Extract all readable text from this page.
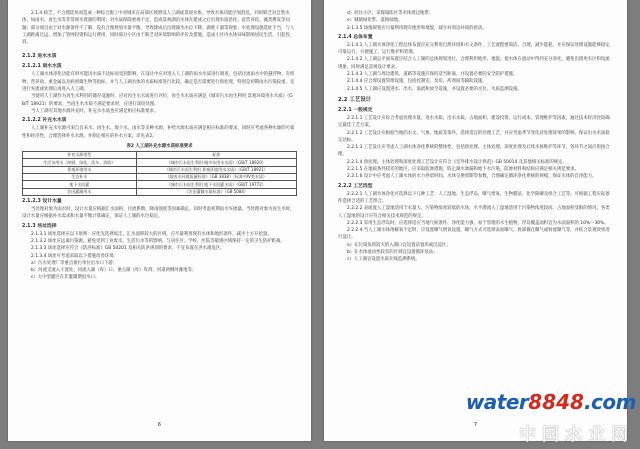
2.1.4 缺乏、不合理选址而造成一种综合施工中对城市在局部区域增设人工湖或景观水体，导致水体功能区划混乱，同时缺乏对自然水体，如雨水、再生水等非常规水资源的利用；对水质保障重视不足，造成景观湖泊水体在建成之后出现水质恶化、富营养化、藻类爆发等问题；部分项目由于对水源条件不了解，没有合理规划水量平衡，导致建成后出现湖水水位下降、湖底干涸等现象；水处理设施选址不当，与人工湖距离过远，增加了管网投资和运行费用，同时部分小区由于缺乏对环境影响的评价及措施，造成小区内水体异味影响居民生活，引起投诉。

2.1.2 进水水质
2.1.2.1 雨水水质

人工湖水体净化功能有时可能因水质不达标而受到影响，在设计中应对进入人工湖的雨水水质进行调查，包括径流雨水中的悬浮物、有机物、营养盐、重金属以及病原微生物等指标，并与人工湖水体的水质标准进行比较，确定是否需要进行预处理，特别是初期雨水污染较重，宜进行弃流或处理后再进入人工湖。

当使用人工湖作为再生水利用的储存设施时，应对再生水水质进行评价，再生水水质应满足《城市污水再生利用 景观环境用水水质》（GB/T 18921）的要求，当再生水水质不满足要求时，应进行深度处理。

当人工湖有其他水源补充时，补充水水质也应满足相应标准要求。

2.1.2.2 补充水水质

人工湖补充水水源可来自自来水、再生水、地下水、雨水等多种水源，补给水源水质应满足相应标准的要求，同时应考虑各种水源的可靠性和经济性，合理选择补水水源，并制定相应的补水方案。详见表2。

表2 人工湖补充水源水质标准要求
补充水源类型	标准
生活杂用水（冲厕、绿化、洗车、消防）	《城市污水再生利用 城市杂用水水质》（GB/T 18920）
景观环境用水	《城市污水再生利用 景观环境用水水质》（GB/T 18921）
生态补水	《地表水环境质量标准》（GB 3838）（标准中IV类水质）
地下水回灌	《城市污水再生利用 地下水回灌水质》（GB/T 19772）
农田灌溉用水	《农田灌溉水质标准》（GB 5084）
2.1.2.3 设计水量

当处理对象为雨水时，设计水量应根据汇水面积、径流系数、降雨强度等因素确定，同时考虑初期雨水弃流量。当处理对象为再生水时，设计水量应根据补水需求和水量平衡计算确定，保证人工湖的水位稳定。

2.1.3 场址选择

2.1.3.1 场址选择应以下原则：应优先选择低洼、汇水面积较大的区域，应尽量利用现有水体和地形条件，减少土方开挖量。

2.1.3.2 场址应远离污染源，避免受到工业废水、生活污水等的影响，与居住区、学校、医院等敏感区域保持一定的卫生防护距离。

2.1.3.3 场址选择应符合《防洪标准》GB 50201 及相关防洪规划的要求，不宜布置在洪水淹没区。

2.1.3.4 场址可考虑采取以下措施改善环境：

a）污水处理厂等重点排污单位出水口下游；

b）河流支流入干流处、河流入湖（库）口、重点湖（库）库湾、河道两侧河滩地等；

c）大中型灌区在非灌溉期退水口；

6

d）居住小区、采煤塌陷区等水体周边地带；

e）城镇绿化带、道路绿地。

2.1.3.5 场地规划应尽量利用现有地形和地貌，减少对周边环境的扰动。

2.1.4 总体布置

2.1.4.1 人工湖水体净化工程总体布置应充分利用自然环境和水文条件，工艺流程要简洁、合理，减少能耗，并应保证处理设施能够稳定可靠运行，方便施工、运行维护和管理。

2.1.4.2 人工湖总平面布置应结合人工湖的总体规划进行，合理利用地形、地貌，使水体在流动中得到充分净化，避免出现死水区和短流现象，同时满足景观设计要求。

2.1.4.3 人工湖与周边建筑、道路等设施应保持适当距离，并设置必要的安全防护措施。

2.1.4.4 应合理设置管理设施，包括控制室、泵房、药剂间等辅助设施。

2.1.4.5 人工湖应设置进水、出水、溢流和放空设施，并设置必要的水位、水质监测设施。

2.2 工艺设计
2.2.1 一般规定

2.2.1.1 工艺设计应综合考虑处理水量、进水水质、出水水质、占地面积、建设投资、运行成本、管理维护等因素，通过技术经济比较确定最佳工艺方案。

2.2.1.2 工艺设计应根据当地的水文、气象、地质等条件，选择适宜的处理工艺，并应考虑季节变化对处理效果的影响，保证出水水质稳定达标。

2.2.1.3 工艺设计应考虑人工湖水体净化系统的整体性，包括预处理、主体处理、深度处理及后续水体维护等环节，各环节之间应衔接合理。

2.2.1.4 预处理、主体处理和深度处理工艺设计应符合《室外排水设计规范》GB 50014 及其他相关标准的规定。

2.2.1.5 在地质条件较差的地区，应采取防渗措施，防止湖水渗漏和地下水污染，防渗材料和结构应满足相关规范要求。

2.2.1.6 设计中应考虑人工湖水体的水力停留时间、水体交换周期等参数，合理确定循环净化系统的规模，保证水体的自净能力。

2.2.2 工艺选型

2.2.2.1 人工湖水体净化可选择以下几种工艺：人工湿地、生态浮岛、曝气增氧、生物膜法、化学除磷及组合工艺等，可根据工程实际条件选择合适的工艺组合。

2.2.2.2 表面流人工湿地适用于水量大、污染物浓度较低的水体，水平潜流人工湿地适用于污染物浓度较高、占地面积受限的情况，各类人工湿地的设计应符合相关技术规范的规定。

2.2.2.3 采用生态浮岛时，应选择适应当地气候条件、净化能力强、易于管理的水生植物，浮岛覆盖面积宜为水面面积的 10%～30%。

2.2.2.4 当人工湖水体溶解氧不足时，应设置曝气增氧设施，曝气方式可选择表面曝气、底部微孔曝气或射流曝气等，并结合景观效果进行设计。

a）在污染负荷较大的入湖口宜设置前置库或沉淀区；

b）在水体流动性较差的区域宜设置循环泵站；

c）人工湖宜设置水质在线监测系统。

7
water8848.com
中国水业网
